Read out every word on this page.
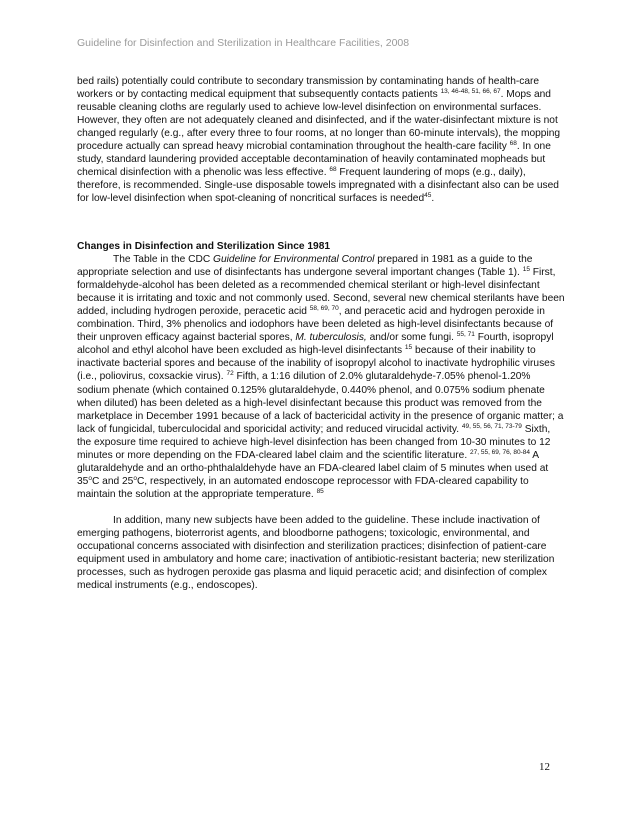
Guideline for Disinfection and Sterilization in Healthcare Facilities, 2008

bed rails) potentially could contribute to secondary transmission by contaminating hands of health-care workers or by contacting medical equipment that subsequently contacts patients $^{13, 46-48, 51, 66, 67}$. Mops and reusable cleaning cloths are regularly used to achieve low-level disinfection on environmental surfaces. However, they often are not adequately cleaned and disinfected, and if the water-disinfectant mixture is not changed regularly (e.g., after every three to four rooms, at no longer than 60-minute intervals), the mopping procedure actually can spread heavy microbial contamination throughout the health-care facility $^{68}$. In one study, standard laundering provided acceptable decontamination of heavily contaminated mopheads but chemical disinfection with a phenolic was less effective. $^{68}$ Frequent laundering of mops (e.g., daily), therefore, is recommended. Single-use disposable towels impregnated with a disinfectant also can be used for low-level disinfection when spot-cleaning of noncritical surfaces is needed$^{45}$.

Changes in Disinfection and Sterilization Since 1981

The Table in the CDC Guideline for Environmental Control prepared in 1981 as a guide to the appropriate selection and use of disinfectants has undergone several important changes (Table 1). $^{15}$ First, formaldehyde-alcohol has been deleted as a recommended chemical sterilant or high-level disinfectant because it is irritating and toxic and not commonly used. Second, several new chemical sterilants have been added, including hydrogen peroxide, peracetic acid $^{58, 69, 70}$, and peracetic acid and hydrogen peroxide in combination. Third, 3% phenolics and iodophors have been deleted as high-level disinfectants because of their unproven efficacy against bacterial spores, M. tuberculosis, and/or some fungi. $^{55, 71}$ Fourth, isopropyl alcohol and ethyl alcohol have been excluded as high-level disinfectants $^{15}$ because of their inability to inactivate bacterial spores and because of the inability of isopropyl alcohol to inactivate hydrophilic viruses (i.e., poliovirus, coxsackie virus). $^{72}$ Fifth, a 1:16 dilution of 2.0% glutaraldehyde-7.05% phenol-1.20% sodium phenate (which contained 0.125% glutaraldehyde, 0.440% phenol, and 0.075% sodium phenate when diluted) has been deleted as a high-level disinfectant because this product was removed from the marketplace in December 1991 because of a lack of bactericidal activity in the presence of organic matter; a lack of fungicidal, tuberculocidal and sporicidal activity; and reduced virucidal activity. $^{49, 55, 56, 71, 73-79}$ Sixth, the exposure time required to achieve high-level disinfection has been changed from 10-30 minutes to 12 minutes or more depending on the FDA-cleared label claim and the scientific literature. $^{27, 55, 69, 76, 80-84}$ A glutaraldehyde and an ortho-phthalaldehyde have an FDA-cleared label claim of 5 minutes when used at 35$^o$C and 25$^o$C, respectively, in an automated endoscope reprocessor with FDA-cleared capability to maintain the solution at the appropriate temperature. $^{85}$

In addition, many new subjects have been added to the guideline. These include inactivation of emerging pathogens, bioterrorist agents, and bloodborne pathogens; toxicologic, environmental, and occupational concerns associated with disinfection and sterilization practices; disinfection of patient-care equipment used in ambulatory and home care; inactivation of antibiotic-resistant bacteria; new sterilization processes, such as hydrogen peroxide gas plasma and liquid peracetic acid; and disinfection of complex medical instruments (e.g., endoscopes).

12
